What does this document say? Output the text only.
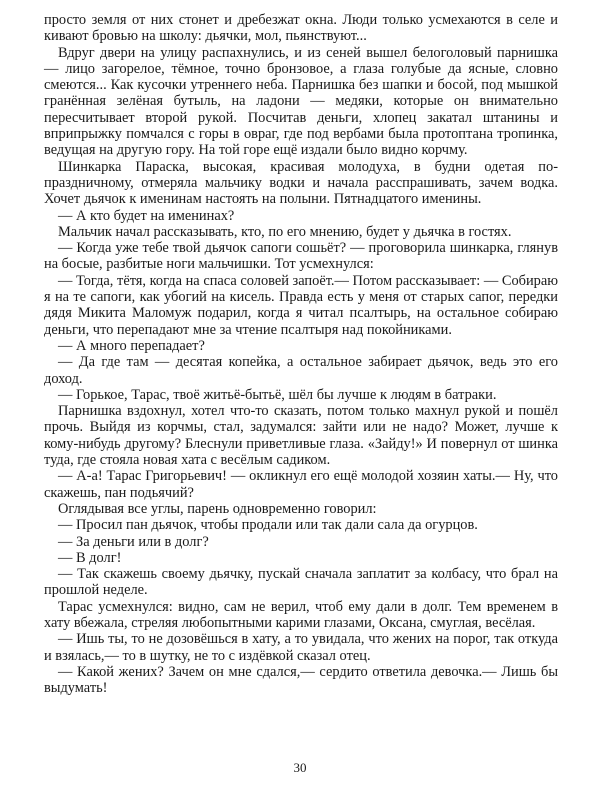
просто земля от них стонет и дребезжат окна. Люди только усмехаются в селе и кивают бровью на школу: дьячки, мол, пьянствуют...

Вдруг двери на улицу распахнулись, и из сеней вышел белоголовый парнишка — лицо загорелое, тёмное, точно бронзовое, а глаза голубые да ясные, словно смеются... Как кусочки утреннего неба. Парнишка без шапки и босой, под мышкой гранённая зелёная бутыль, на ладони — медяки, которые он внимательно пересчитывает второй рукой. Посчитав деньги, хлопец закатал штанины и вприпрыжку помчался с горы в овраг, где под вербами была протоптана тропинка, ведущая на другую гору. На той горе ещё издали было видно корчму.

Шинкарка Параска, высокая, красивая молодуха, в будни одетая по-праздничному, отмеряла мальчику водки и начала расспрашивать, зачем водка. Хочет дьячок к именинам настоять на полыни. Пятнадцатого именины.

— А кто будет на именинах?

Мальчик начал рассказывать, кто, по его мнению, будет у дьячка в гостях.

— Когда уже тебе твой дьячок сапоги сошьёт? — проговорила шинкарка, глянув на босые, разбитые ноги мальчишки. Тот усмехнулся:

— Тогда, тётя, когда на спаса соловей запоёт.— Потом рассказывает: — Собираю я на те сапоги, как убогий на кисель. Правда есть у меня от старых сапог, передки дядя Микита Маломуж подарил, когда я читал псалтырь, на остальное собираю деньги, что перепадают мне за чтение псалтыря над покойниками.

— А много перепадает?

— Да где там — десятая копейка, а остальное забирает дьячок, ведь это его доход.

— Горькое, Тарас, твоё житьё-бытьё, шёл бы лучше к людям в батраки.

Парнишка вздохнул, хотел что-то сказать, потом только махнул рукой и пошёл прочь. Выйдя из корчмы, стал, задумался: зайти или не надо? Может, лучше к кому-нибудь другому? Блеснули приветливые глаза. «Зайду!» И повернул от шинка туда, где стояла новая хата с весёлым садиком.

— А-а! Тарас Григорьевич! — окликнул его ещё молодой хозяин хаты.— Ну, что скажешь, пан подьячий?

Оглядывая все углы, парень одновременно говорил:

— Просил пан дьячок, чтобы продали или так дали сала да огурцов.

— За деньги или в долг?

— В долг!

— Так скажешь своему дьячку, пускай сначала заплатит за колбасу, что брал на прошлой неделе.

Тарас усмехнулся: видно, сам не верил, чтоб ему дали в долг. Тем временем в хату вбежала, стреляя любопытными карими глазами, Оксана, смуглая, весёлая.

— Ишь ты, то не дозовёшься в хату, а то увидала, что жених на порог, так откуда и взялась,— то в шутку, не то с издёвкой сказал отец.

— Какой жених? Зачем он мне сдался,— сердито ответила девочка.— Лишь бы выдумать!

30
